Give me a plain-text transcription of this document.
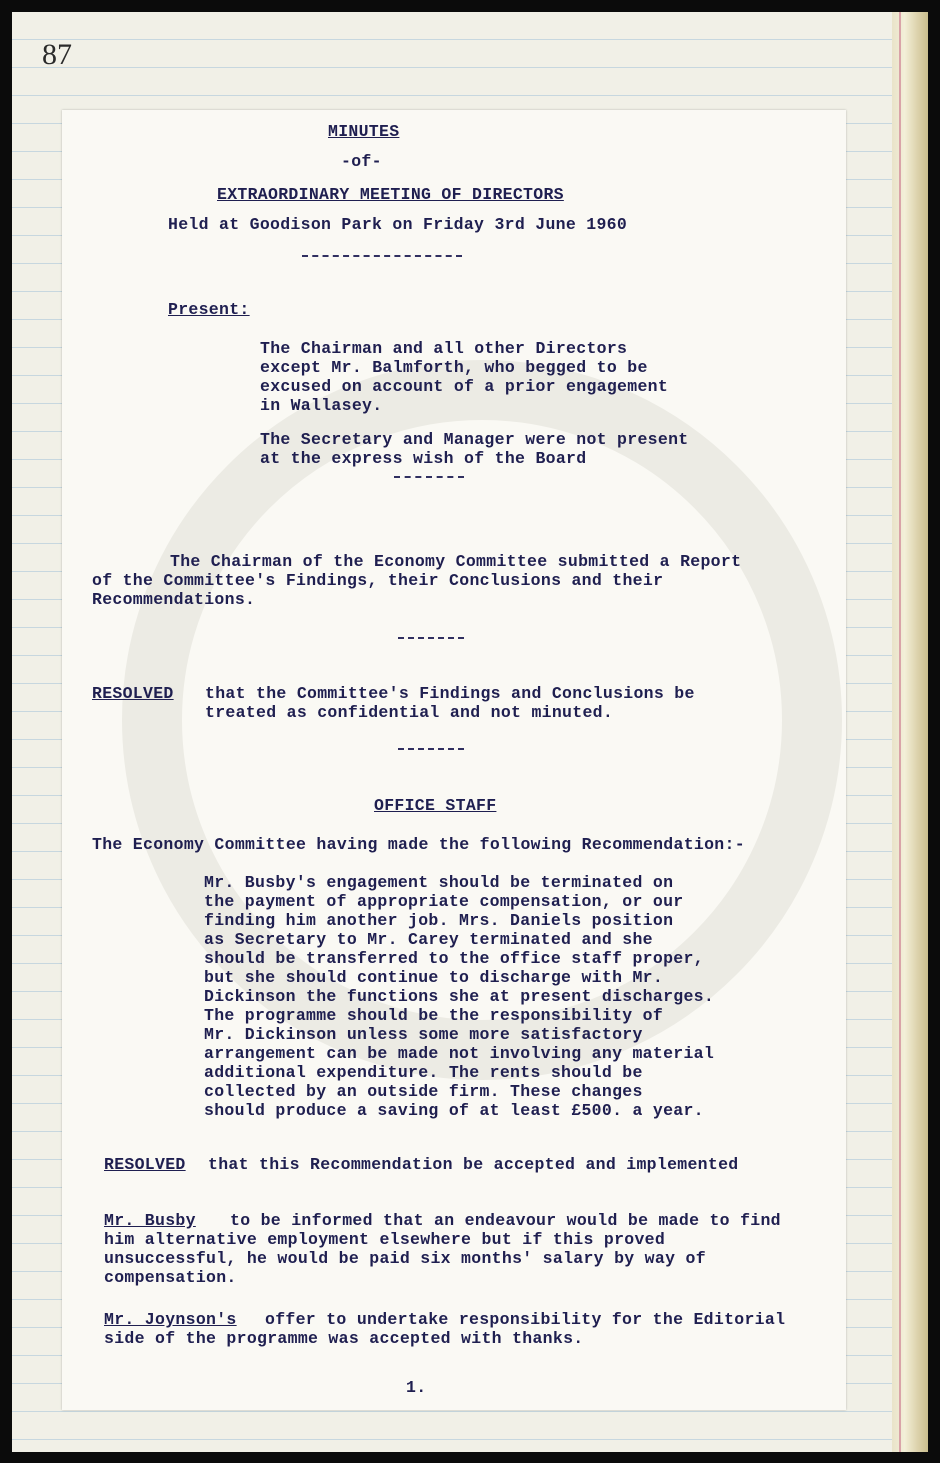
87
MINUTES
-of-
EXTRAORDINARY MEETING OF DIRECTORS
Held at Goodison Park on Friday 3rd June 1960
Present:
The Chairman and all other Directors
except Mr. Balmforth, who begged to be
excused on account of a prior engagement
in Wallasey.
The Secretary and Manager were not present
at the express wish of the Board
The Chairman of the Economy Committee submitted a Report
of the Committee's Findings, their Conclusions and their
Recommendations.
RESOLVED that the Committee's Findings and Conclusions be
treated as confidential and not minuted.
OFFICE STAFF
The Economy Committee having made the following Recommendation:-
Mr. Busby's engagement should be terminated on
the payment of appropriate compensation, or our
finding him another job. Mrs. Daniels position
as Secretary to Mr. Carey terminated and she
should be transferred to the office staff proper,
but she should continue to discharge with Mr.
Dickinson the functions she at present discharges.
The programme should be the responsibility of
Mr. Dickinson unless some more satisfactory
arrangement can be made not involving any material
additional expenditure. The rents should be
collected by an outside firm. These changes
should produce a saving of at least £500. a year.
RESOLVED that this Recommendation be accepted and implemented
Mr. Busby to be informed that an endeavour would be made to find
him alternative employment elsewhere but if this proved
unsuccessful, he would be paid six months' salary by way of
compensation.
Mr. Joynson's offer to undertake responsibility for the Editorial
side of the programme was accepted with thanks.
1.
